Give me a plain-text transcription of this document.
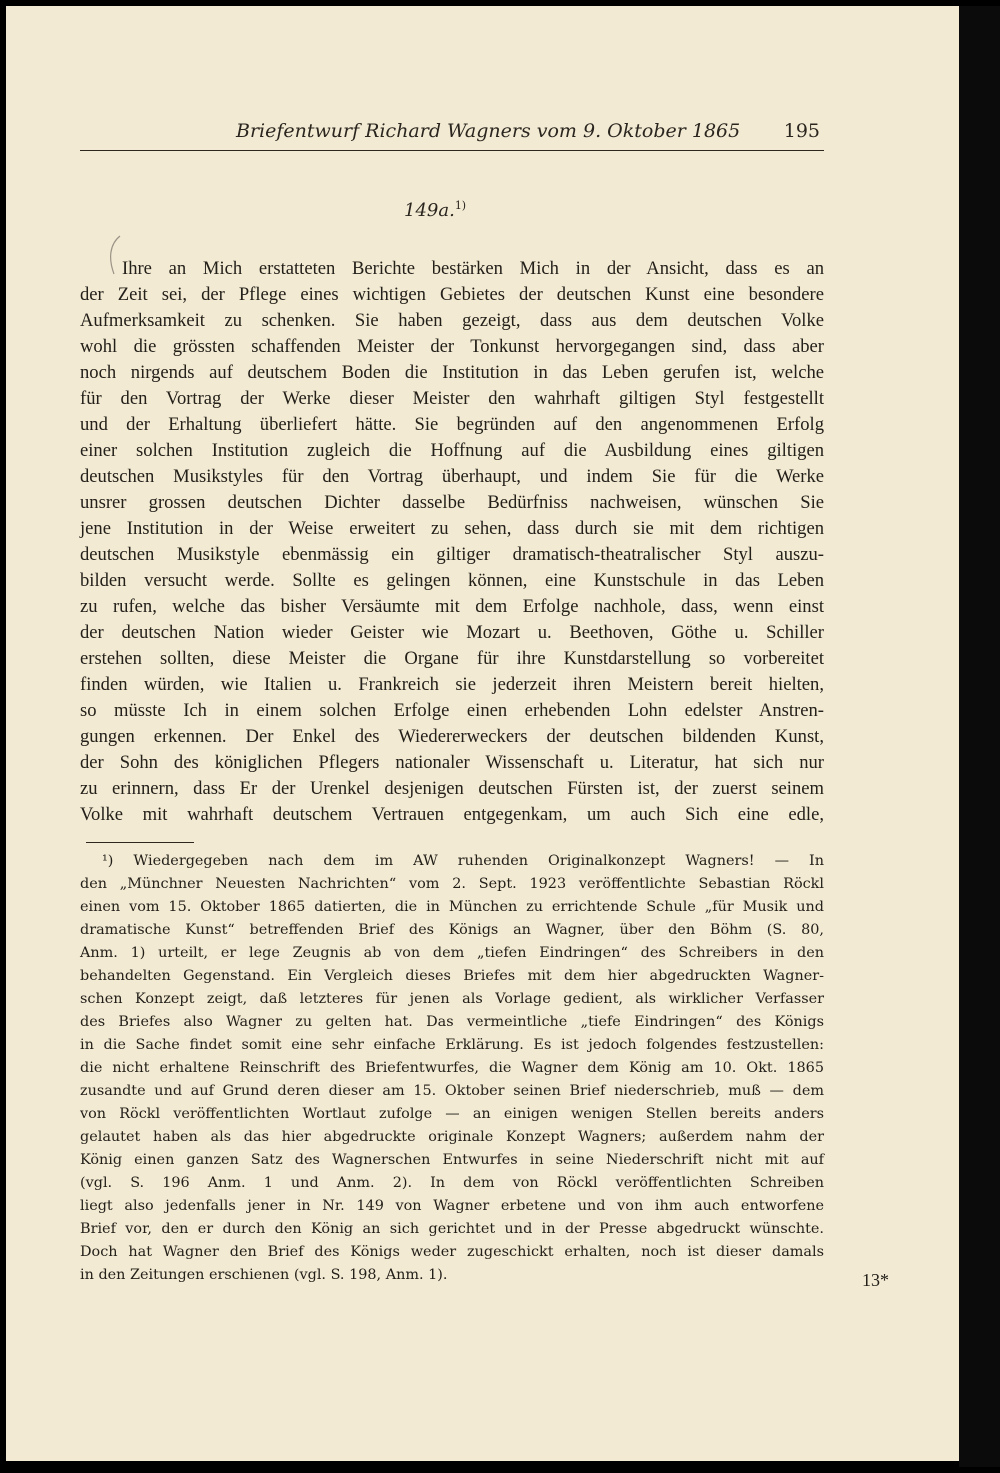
Briefentwurf Richard Wagners vom 9. Oktober 1865 195
149a.$^{1)}$
Ihre an Mich erstatteten Berichte bestärken Mich in der Ansicht, dass es an
der Zeit sei, der Pflege eines wichtigen Gebietes der deutschen Kunst eine besondere
Aufmerksamkeit zu schenken. Sie haben gezeigt, dass aus dem deutschen Volke
wohl die grössten schaffenden Meister der Tonkunst hervorgegangen sind, dass aber
noch nirgends auf deutschem Boden die Institution in das Leben gerufen ist, welche
für den Vortrag der Werke dieser Meister den wahrhaft giltigen Styl festgestellt
und der Erhaltung überliefert hätte. Sie begründen auf den angenommenen Erfolg
einer solchen Institution zugleich die Hoffnung auf die Ausbildung eines giltigen
deutschen Musikstyles für den Vortrag überhaupt, und indem Sie für die Werke
unsrer grossen deutschen Dichter dasselbe Bedürfniss nachweisen, wünschen Sie
jene Institution in der Weise erweitert zu sehen, dass durch sie mit dem richtigen
deutschen Musikstyle ebenmässig ein giltiger dramatisch-theatralischer Styl auszu-
bilden versucht werde. Sollte es gelingen können, eine Kunstschule in das Leben
zu rufen, welche das bisher Versäumte mit dem Erfolge nachhole, dass, wenn einst
der deutschen Nation wieder Geister wie Mozart u. Beethoven, Göthe u. Schiller
erstehen sollten, diese Meister die Organe für ihre Kunstdarstellung so vorbereitet
finden würden, wie Italien u. Frankreich sie jederzeit ihren Meistern bereit hielten,
so müsste Ich in einem solchen Erfolge einen erhebenden Lohn edelster Anstren-
gungen erkennen. Der Enkel des Wiedererweckers der deutschen bildenden Kunst,
der Sohn des königlichen Pflegers nationaler Wissenschaft u. Literatur, hat sich nur
zu erinnern, dass Er der Urenkel desjenigen deutschen Fürsten ist, der zuerst seinem
Volke mit wahrhaft deutschem Vertrauen entgegenkam, um auch Sich eine edle,
¹) Wiedergegeben nach dem im AW ruhenden Originalkonzept Wagners! — In
den „Münchner Neuesten Nachrichten“ vom 2. Sept. 1923 veröffentlichte Sebastian Röckl
einen vom 15. Oktober 1865 datierten, die in München zu errichtende Schule „für Musik und
dramatische Kunst“ betreffenden Brief des Königs an Wagner, über den Böhm (S. 80,
Anm. 1) urteilt, er lege Zeugnis ab von dem „tiefen Eindringen“ des Schreibers in den
behandelten Gegenstand. Ein Vergleich dieses Briefes mit dem hier abgedruckten Wagner-
schen Konzept zeigt, daß letzteres für jenen als Vorlage gedient, als wirklicher Verfasser
des Briefes also Wagner zu gelten hat. Das vermeintliche „tiefe Eindringen“ des Königs
in die Sache findet somit eine sehr einfache Erklärung. Es ist jedoch folgendes festzustellen:
die nicht erhaltene Reinschrift des Briefentwurfes, die Wagner dem König am 10. Okt. 1865
zusandte und auf Grund deren dieser am 15. Oktober seinen Brief niederschrieb, muß — dem
von Röckl veröffentlichten Wortlaut zufolge — an einigen wenigen Stellen bereits anders
gelautet haben als das hier abgedruckte originale Konzept Wagners; außerdem nahm der
König einen ganzen Satz des Wagnerschen Entwurfes in seine Niederschrift nicht mit auf
(vgl. S. 196 Anm. 1 und Anm. 2). In dem von Röckl veröffentlichten Schreiben
liegt also jedenfalls jener in Nr. 149 von Wagner erbetene und von ihm auch entworfene
Brief vor, den er durch den König an sich gerichtet und in der Presse abgedruckt wünschte.
Doch hat Wagner den Brief des Königs weder zugeschickt erhalten, noch ist dieser damals
in den Zeitungen erschienen (vgl. S. 198, Anm. 1).	13*
